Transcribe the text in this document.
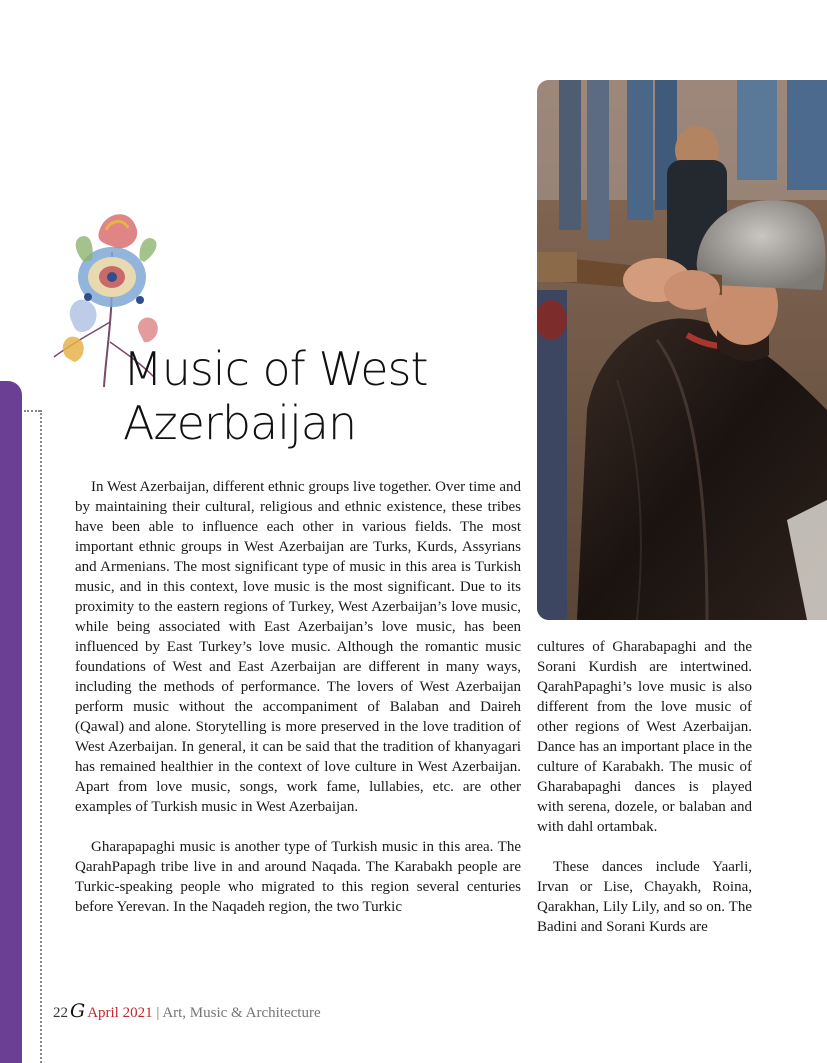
Music of West
Azerbaijan

In West Azerbaijan, different ethnic groups live together. Over time and by maintaining their cultural, religious and ethnic existence, these tribes have been able to influence each other in various fields. The most important ethnic groups in West Azerbaijan are Turks, Kurds, Assyrians and Armenians. The most significant type of music in this area is Turkish music, and in this context, love music is the most significant. Due to its proximity to the eastern regions of Turkey, West Azerbaijan’s love music, while being associated with East Azerbaijan’s love music, has been influenced by East Turkey’s love music. Although the romantic music foundations of West and East Azerbaijan are different in many ways, including the methods of performance. The lovers of West Azerbaijan perform music without the accompaniment of Balaban and Daireh (Qawal) and alone. Storytelling is more preserved in the love tradition of West Azerbaijan. In general, it can be said that the tradition of khanyagari has remained healthier in the context of love culture in West Azerbaijan. Apart from love music, songs, work fame, lullabies, etc. are other examples of Turkish music in West Azerbaijan.

Gharapapaghi music is another type of Turkish music in this area. The QarahPapagh tribe live in and around Naqada. The Karabakh people are Turkic-speaking people who migrated to this region several centuries before Yerevan. In the Naqadeh region, the two Turkic

cultures of Gharabapaghi and the Sorani Kurdish are intertwined. QarahPapaghi’s love music is also different from the love music of other regions of West Azerbaijan. Dance has an important place in the culture of Karabakh. The music of Gharabapaghi dances is played with serena, dozele, or balaban and with dahl ortambak.

These dances include Yaarli, Irvan or Lise, Chayakh, Roina, Qarakhan, Lily Lily, and so on. The Badini and Sorani Kurds are

22 G April 2021 | Art, Music & Architecture
